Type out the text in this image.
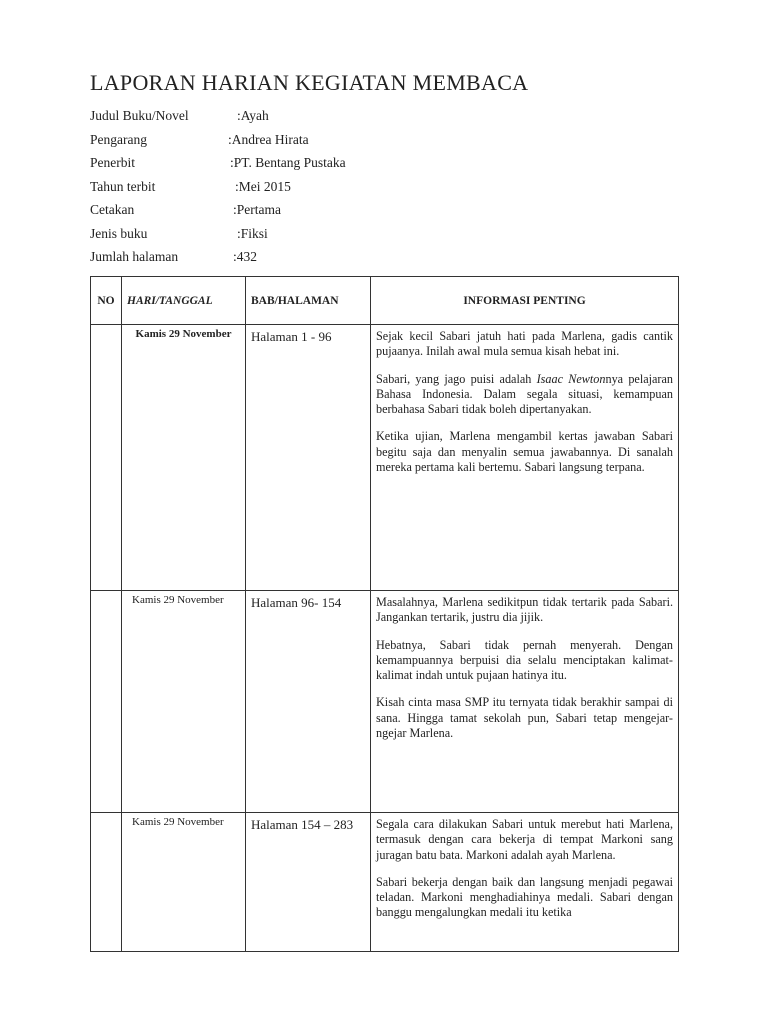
LAPORAN HARIAN KEGIATAN MEMBACA
Judul Buku/Novel	:Ayah
Pengarang	:Andrea Hirata
Penerbit	:PT. Bentang Pustaka
Tahun terbit	:Mei 2015
Cetakan	:Pertama
Jenis buku	:Fiksi
Jumlah halaman	:432
NO	HARI/TANGGAL	BAB/HALAMAN	INFORMASI PENTING
	Kamis 29 November	Halaman 1 - 96	Sejak kecil Sabari jatuh hati pada Marlena, gadis cantik pujaanya. Inilah awal mula semua kisah hebat ini.

Sabari, yang jago puisi adalah Isaac Newtonnya pelajaran Bahasa Indonesia. Dalam segala situasi, kemampuan berbahasa Sabari tidak boleh dipertanyakan.

Ketika ujian, Marlena mengambil kertas jawaban Sabari begitu saja dan menyalin semua jawabannya. Di sanalah mereka pertama kali bertemu. Sabari langsung terpana.

	Kamis 29 November	Halaman 96- 154	Masalahnya, Marlena sedikitpun tidak tertarik pada Sabari. Jangankan tertarik, justru dia jijik.

Hebatnya, Sabari tidak pernah menyerah. Dengan kemampuannya berpuisi dia selalu menciptakan kalimat-kalimat indah untuk pujaan hatinya itu.

Kisah cinta masa SMP itu ternyata tidak berakhir sampai di sana. Hingga tamat sekolah pun, Sabari tetap mengejar-ngejar Marlena.

	Kamis 29 November	Halaman 154 – 283	Segala cara dilakukan Sabari untuk merebut hati Marlena, termasuk dengan cara bekerja di tempat Markoni sang juragan batu bata. Markoni adalah ayah Marlena.

Sabari bekerja dengan baik dan langsung menjadi pegawai teladan. Markoni menghadiahinya medali. Sabari dengan banggu mengalungkan medali itu ketika
